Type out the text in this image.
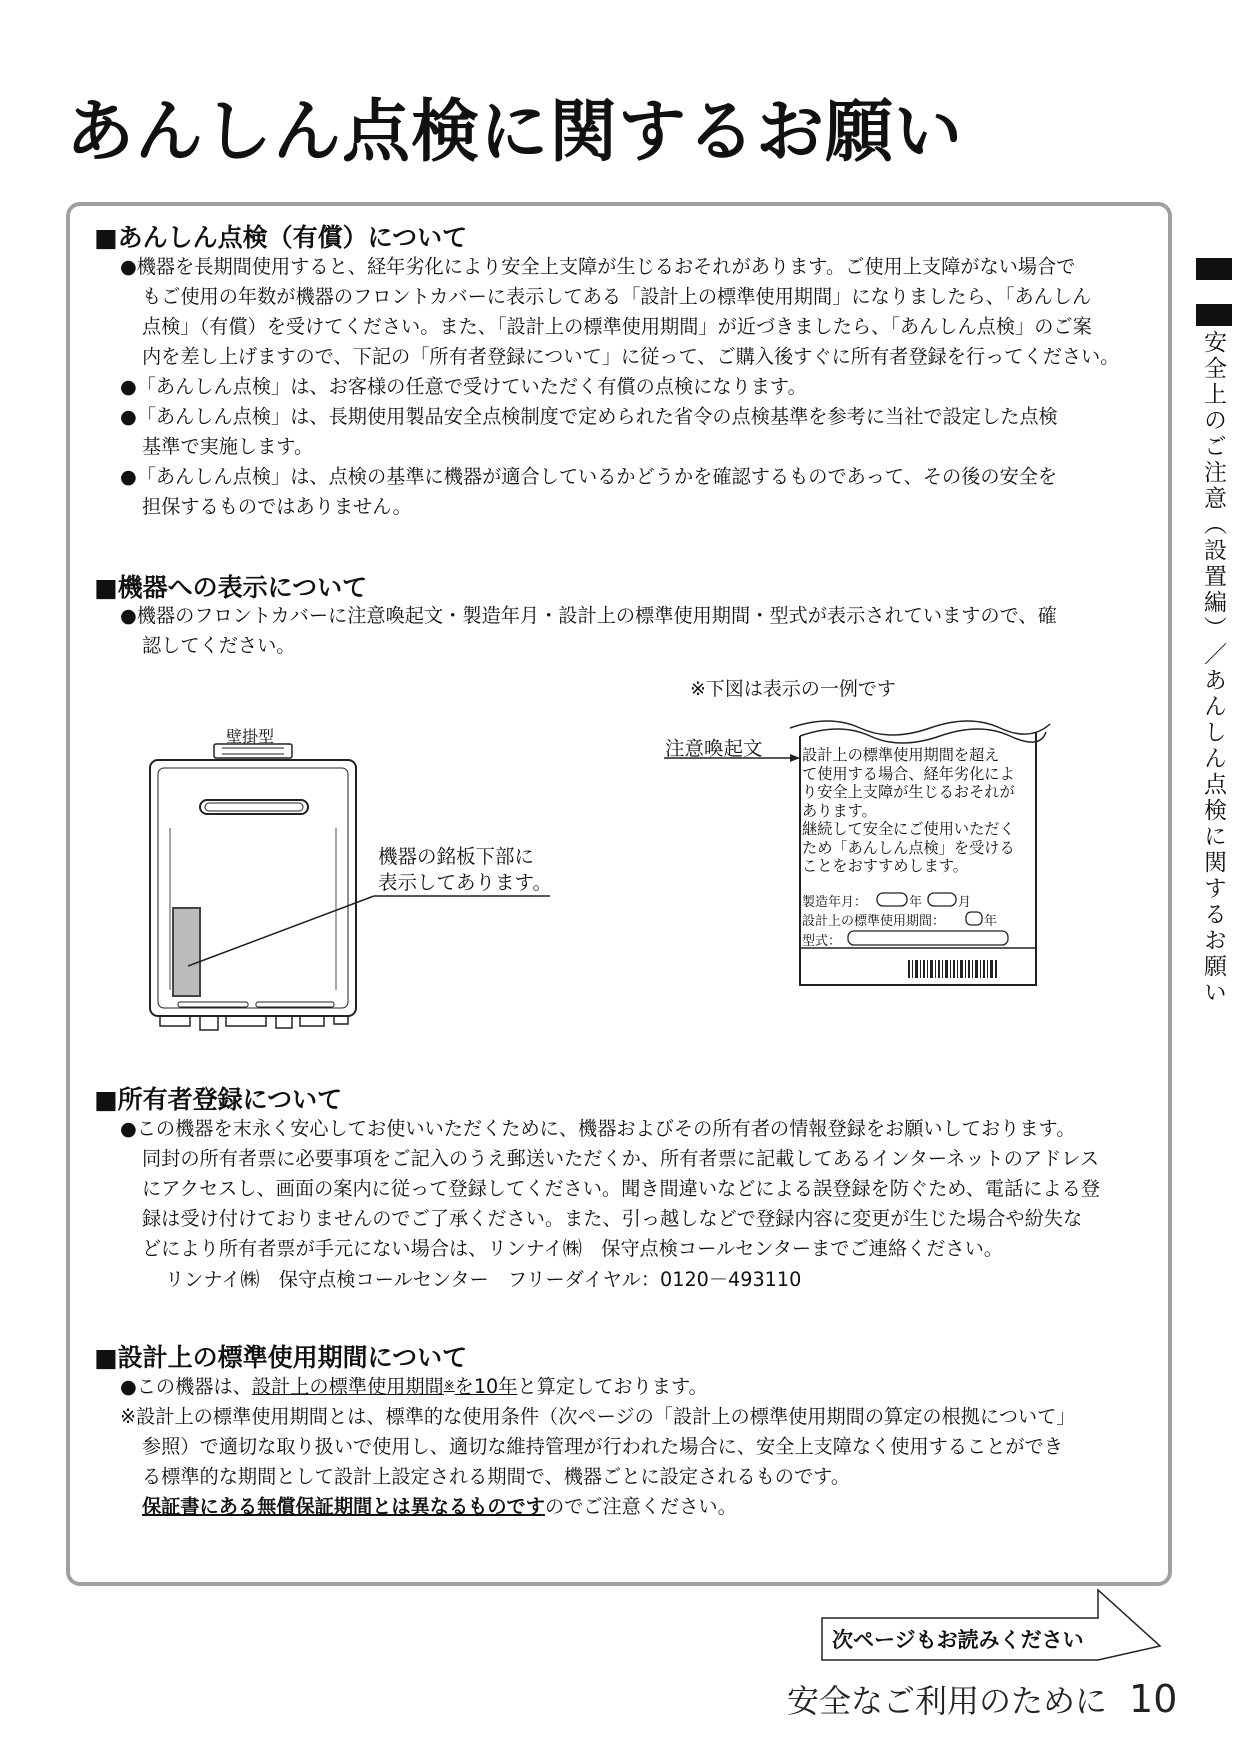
あんしん点検に関するお願い
安全上のご注意（設置編）／あんしん点検に関するお願い
■あんしん点検（有償）について
●機器を長期間使用すると、経年劣化により安全上支障が生じるおそれがあります。ご使用上支障がない場合で
もご使用の年数が機器のフロントカバーに表示してある「設計上の標準使用期間」になりましたら、「あんしん
点検」（有償）を受けてください。また、「設計上の標準使用期間」が近づきましたら、「あんしん点検」のご案
内を差し上げますので、下記の「所有者登録について」に従って、ご購入後すぐに所有者登録を行ってください。
●「あんしん点検」は、お客様の任意で受けていただく有償の点検になります。
●「あんしん点検」は、長期使用製品安全点検制度で定められた省令の点検基準を参考に当社で設定した点検
基準で実施します。
●「あんしん点検」は、点検の基準に機器が適合しているかどうかを確認するものであって、その後の安全を
担保するものではありません。
■機器への表示について
●機器のフロントカバーに注意喚起文・製造年月・設計上の標準使用期間・型式が表示されていますので、確
認してください。
※下図は表示の一例です
壁掛型
機器の銘板下部に
表示してあります。
注意喚起文	設計上の標準使用期間を超え
て使用する場合、経年劣化によ
り安全上支障が生じるおそれが
あります。
継続して安全にご使用いただく
ため「あんしん点検」を受ける
ことをおすすめします。
製造年月：	年	月
設計上の標準使用期間：	年
型式：
■所有者登録について
●この機器を末永く安心してお使いいただくために、機器およびその所有者の情報登録をお願いしております。
同封の所有者票に必要事項をご記入のうえ郵送いただくか、所有者票に記載してあるインターネットのアドレス
にアクセスし、画面の案内に従って登録してください。聞き間違いなどによる誤登録を防ぐため、電話による登
録は受け付けておりませんのでご了承ください。また、引っ越しなどで登録内容に変更が生じた場合や紛失な
どにより所有者票が手元にない場合は、リンナイ㈱　保守点検コールセンターまでご連絡ください。
リンナイ㈱　保守点検コールセンター　フリーダイヤル：0120－493110
■設計上の標準使用期間について
●この機器は、設計上の標準使用期間※を10年と算定しております。
※設計上の標準使用期間とは、標準的な使用条件（次ページの「設計上の標準使用期間の算定の根拠について」
参照）で適切な取り扱いで使用し、適切な維持管理が行われた場合に、安全上支障なく使用することができ
る標準的な期間として設計上設定される期間で、機器ごとに設定されるものです。
保証書にある無償保証期間とは異なるものですのでご注意ください。
次ページもお読みください
安全なご利用のために 10
